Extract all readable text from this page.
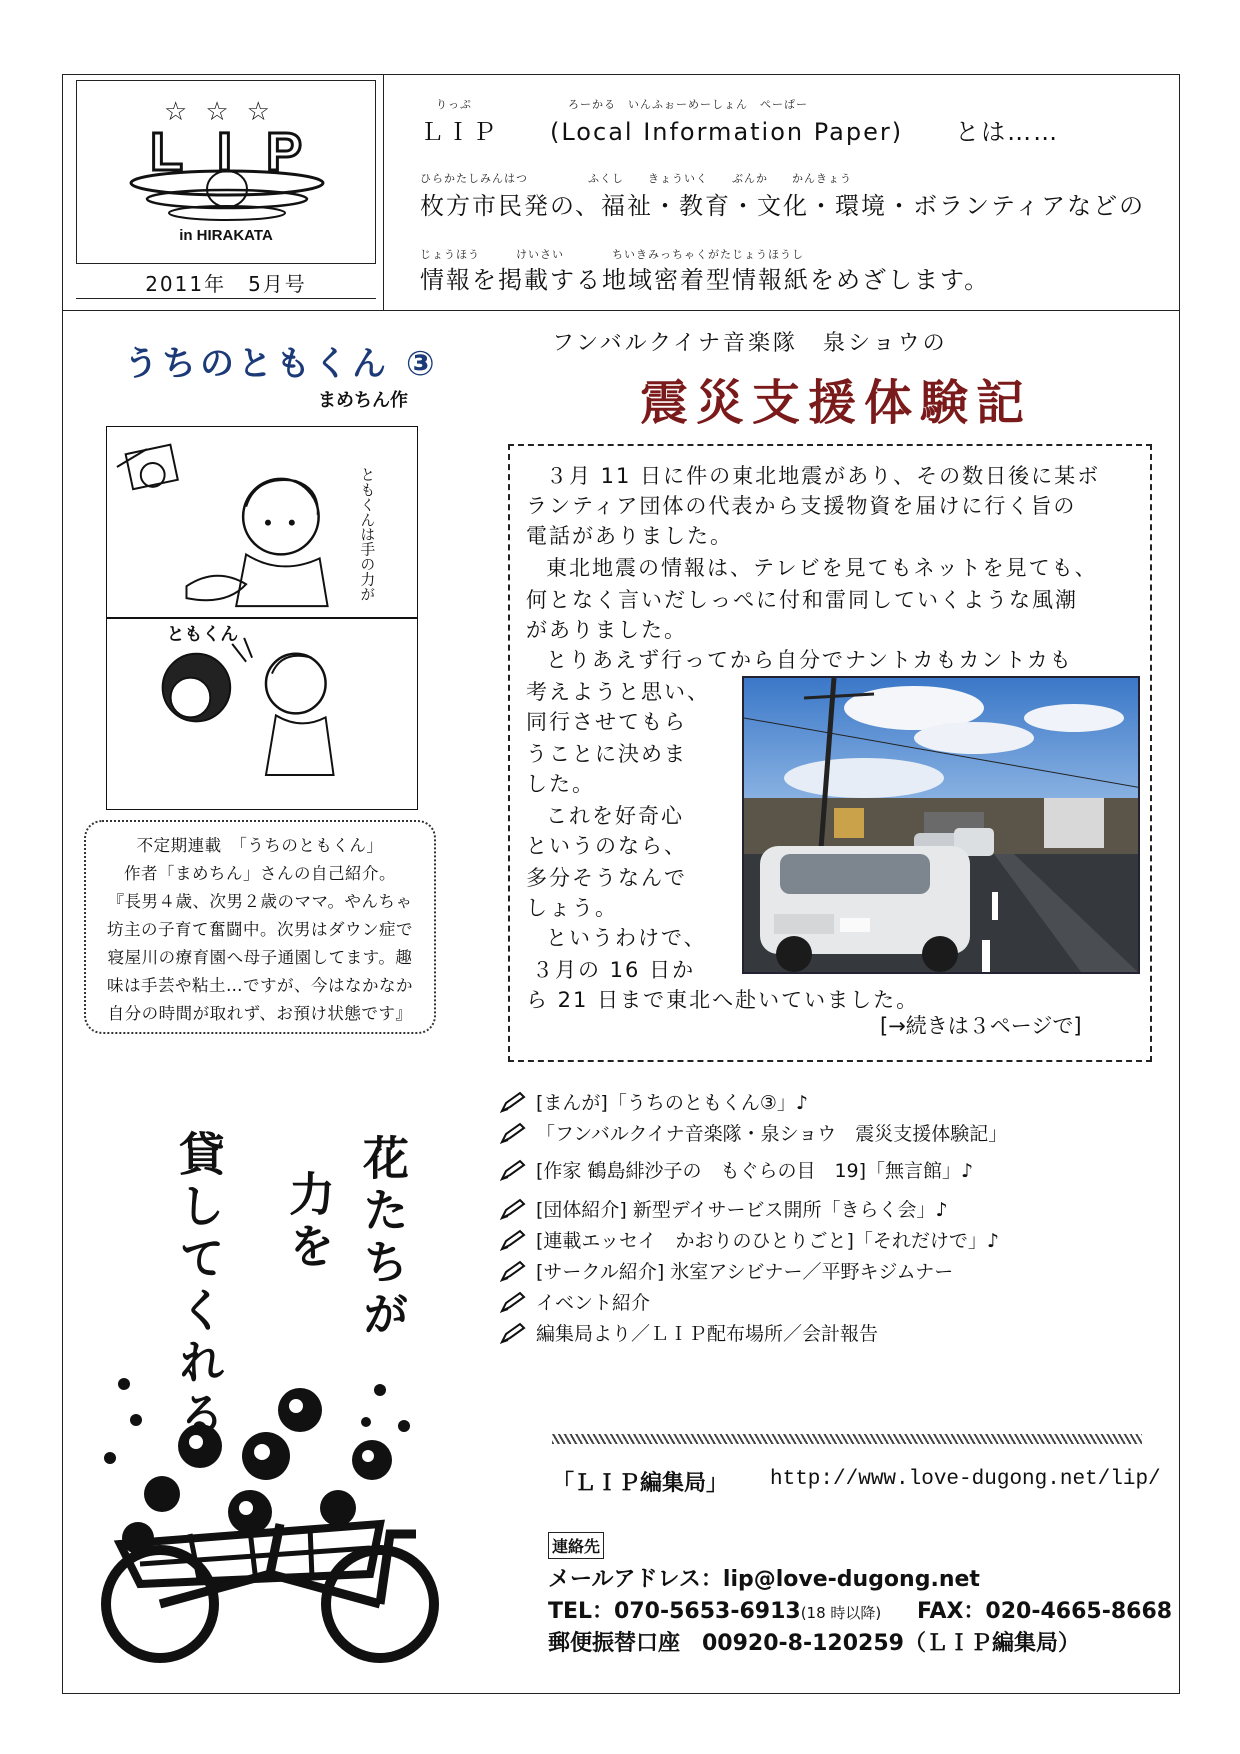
☆☆☆
LIP
in HIRAKATA
2011年　5月号
りっぷ　　　　　　　　ろーかる　いんふぉーめーしょん　ぺーぱー
ＬＩＰ　　(Local Information Paper)　　とは……
ひらかたしみんはつ　　　　　ふくし　　きょういく　　ぶんか　　かんきょう
枚方市民発の、福祉・教育・文化・環境・ボランティアなどの
じょうほう　　　けいさい　　　　ちいきみっちゃくがたじょうほうし
情報を掲載する地域密着型情報紙をめざします。
うちのともくん ③
まめちん作
ともくん
ともくんは手の力が
不定期連載　「うちのともくん」
作者「まめちん」さんの自己紹介。
『長男４歳、次男２歳のママ。やんちゃ
坊主の子育て奮闘中。次男はダウン症で
寝屋川の療育園へ母子通園してます。趣
味は手芸や粘土…ですが、今はなかなか
自分の時間が取れず、お預け状態です』
フンバルクイナ音楽隊　泉ショウの
震災支援体験記
３月 11 日に件の東北地震があり、その数日後に某ボ
ランティア団体の代表から支援物資を届けに行く旨の
電話がありました。
東北地震の情報は、テレビを見てもネットを見ても、
何となく言いだしっぺに付和雷同していくような風潮
がありました。
とりあえず行ってから自分でナントカもカントカも
考えようと思い、
同行させてもら
うことに決めま
した。
これを好奇心
というのなら、
多分そうなんで
しょう。
というわけで、
３月の 16 日か
ら 21 日まで東北へ赴いていました。
[→続きは３ページで]
[まんが]「うちのともくん③」♪
「フンバルクイナ音楽隊・泉ショウ　震災支援体験記」
[作家 鶴島緋沙子の　もぐらの目　19]「無言館」♪
[団体紹介] 新型デイサービス開所「きらく会」♪
[連載エッセイ　かおりのひとりごと]「それだけで」♪
[サークル紹介] 氷室アシビナー／平野キジムナー
イベント紹介
編集局より／ＬＩＰ配布場所／会計報告
花たちが
力を
貸してくれる
「ＬＩＰ編集局」 http://www.love-dugong.net/lip/
連絡先
メールアドレス：lip@love-dugong.net
TEL：070-5653-6913(18 時以降) FAX：020-4665-8668
郵便振替口座　00920-8-120259（ＬＩＰ編集局）
